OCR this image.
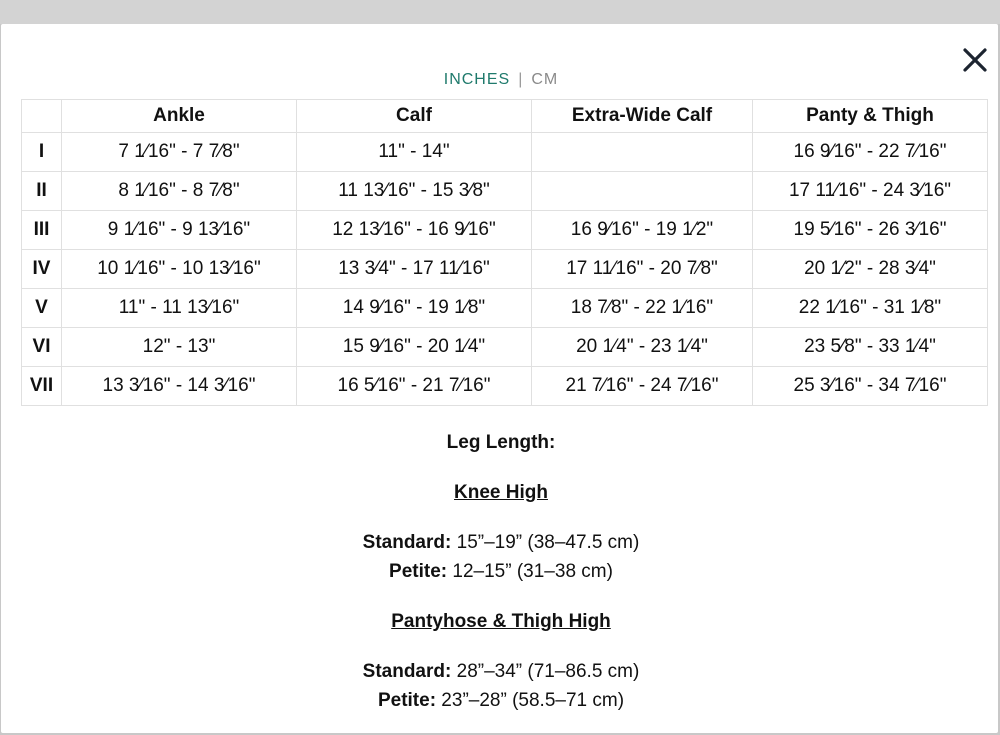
INCHES | CM
	Ankle	Calf	Extra-Wide Calf	Panty & Thigh
I	7 1⁄16" - 7 7⁄8"	11" - 14"		16 9⁄16" - 22 7⁄16"
II	8 1⁄16" - 8 7⁄8"	11 13⁄16" - 15 3⁄8"		17 11⁄16" - 24 3⁄16"
III	9 1⁄16" - 9 13⁄16"	12 13⁄16" - 16 9⁄16"	16 9⁄16" - 19 1⁄2"	19 5⁄16" - 26 3⁄16"
IV	10 1⁄16" - 10 13⁄16"	13 3⁄4" - 17 11⁄16"	17 11⁄16" - 20 7⁄8"	20 1⁄2" - 28 3⁄4"
V	11" - 11 13⁄16"	14 9⁄16" - 19 1⁄8"	18 7⁄8" - 22 1⁄16"	22 1⁄16" - 31 1⁄8"
VI	12" - 13"	15 9⁄16" - 20 1⁄4"	20 1⁄4" - 23 1⁄4"	23 5⁄8" - 33 1⁄4"
VII	13 3⁄16" - 14 3⁄16"	16 5⁄16" - 21 7⁄16"	21 7⁄16" - 24 7⁄16"	25 3⁄16" - 34 7⁄16"

Leg Length:

Knee High

Standard: 15”–19” (38–47.5 cm)

Petite: 12–15” (31–38 cm)

Pantyhose & Thigh High

Standard: 28”–34” (71–86.5 cm)

Petite: 23”–28” (58.5–71 cm)
